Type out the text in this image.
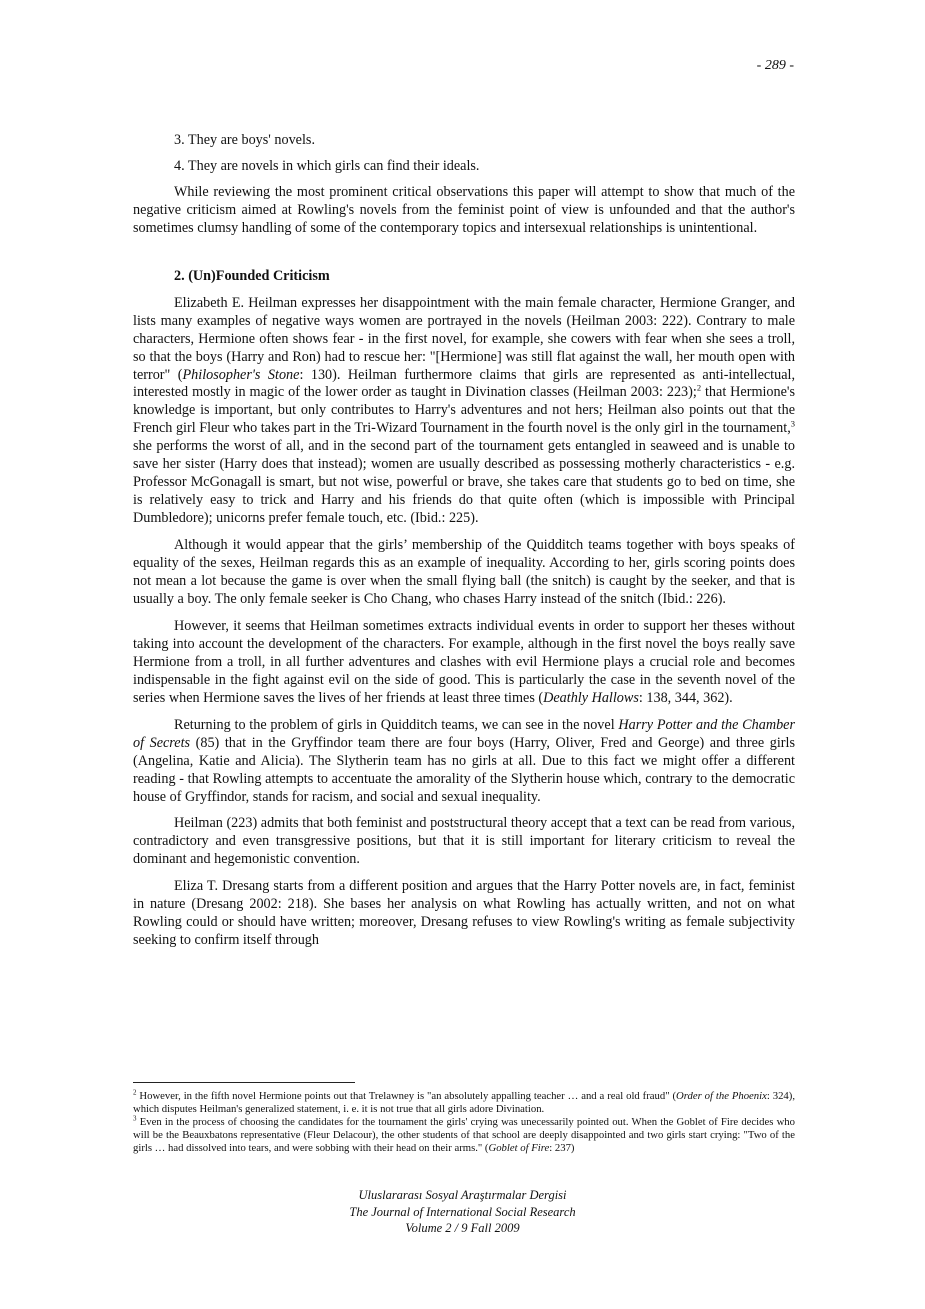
- 289 -
3. They are boys' novels.
4. They are novels in which girls can find their ideals.

While reviewing the most prominent critical observations this paper will attempt to show that much of the negative criticism aimed at Rowling's novels from the feminist point of view is unfounded and that the author's sometimes clumsy handling of some of the contemporary topics and intersexual relationships is unintentional.

2. (Un)Founded Criticism

Elizabeth E. Heilman expresses her disappointment with the main female character, Hermione Granger, and lists many examples of negative ways women are portrayed in the novels (Heilman 2003: 222). Contrary to male characters, Hermione often shows fear - in the first novel, for example, she cowers with fear when she sees a troll, so that the boys (Harry and Ron) had to rescue her: "[Hermione] was still flat against the wall, her mouth open with terror" (Philosopher's Stone: 130). Heilman furthermore claims that girls are represented as anti-intellectual, interested mostly in magic of the lower order as taught in Divination classes (Heilman 2003: 223);$^2$ that Hermione's knowledge is important, but only contributes to Harry's adventures and not hers; Heilman also points out that the French girl Fleur who takes part in the Tri-Wizard Tournament in the fourth novel is the only girl in the tournament,$^3$ she performs the worst of all, and in the second part of the tournament gets entangled in seaweed and is unable to save her sister (Harry does that instead); women are usually described as possessing motherly characteristics - e.g. Professor McGonagall is smart, but not wise, powerful or brave, she takes care that students go to bed on time, she is relatively easy to trick and Harry and his friends do that quite often (which is impossible with Principal Dumbledore); unicorns prefer female touch, etc. (Ibid.: 225).

Although it would appear that the girls’ membership of the Quidditch teams together with boys speaks of equality of the sexes, Heilman regards this as an example of inequality. According to her, girls scoring points does not mean a lot because the game is over when the small flying ball (the snitch) is caught by the seeker, and that is usually a boy. The only female seeker is Cho Chang, who chases Harry instead of the snitch (Ibid.: 226).

However, it seems that Heilman sometimes extracts individual events in order to support her theses without taking into account the development of the characters. For example, although in the first novel the boys really save Hermione from a troll, in all further adventures and clashes with evil Hermione plays a crucial role and becomes indispensable in the fight against evil on the side of good. This is particularly the case in the seventh novel of the series when Hermione saves the lives of her friends at least three times (Deathly Hallows: 138, 344, 362).

Returning to the problem of girls in Quidditch teams, we can see in the novel Harry Potter and the Chamber of Secrets (85) that in the Gryffindor team there are four boys (Harry, Oliver, Fred and George) and three girls (Angelina, Katie and Alicia). The Slytherin team has no girls at all. Due to this fact we might offer a different reading - that Rowling attempts to accentuate the amorality of the Slytherin house which, contrary to the democratic house of Gryffindor, stands for racism, and social and sexual inequality.

Heilman (223) admits that both feminist and poststructural theory accept that a text can be read from various, contradictory and even transgressive positions, but that it is still important for literary criticism to reveal the dominant and hegemonistic convention.

Eliza T. Dresang starts from a different position and argues that the Harry Potter novels are, in fact, feminist in nature (Dresang 2002: 218). She bases her analysis on what Rowling has actually written, and not on what Rowling could or should have written; moreover, Dresang refuses to view Rowling's writing as female subjectivity seeking to confirm itself through

$^2$ However, in the fifth novel Hermione points out that Trelawney is "an absolutely appalling teacher … and a real old fraud" (Order of the Phoenix: 324), which disputes Heilman's generalized statement, i. e. it is not true that all girls adore Divination.

$^3$ Even in the process of choosing the candidates for the tournament the girls' crying was unecessarily pointed out. When the Goblet of Fire decides who will be the Beauxbatons representative (Fleur Delacour), the other students of that school are deeply disappointed and two girls start crying: "Two of the girls … had dissolved into tears, and were sobbing with their head on their arms." (Goblet of Fire: 237)

Uluslararası Sosyal Araştırmalar Dergisi
The Journal of International Social Research
Volume 2 / 9 Fall 2009
